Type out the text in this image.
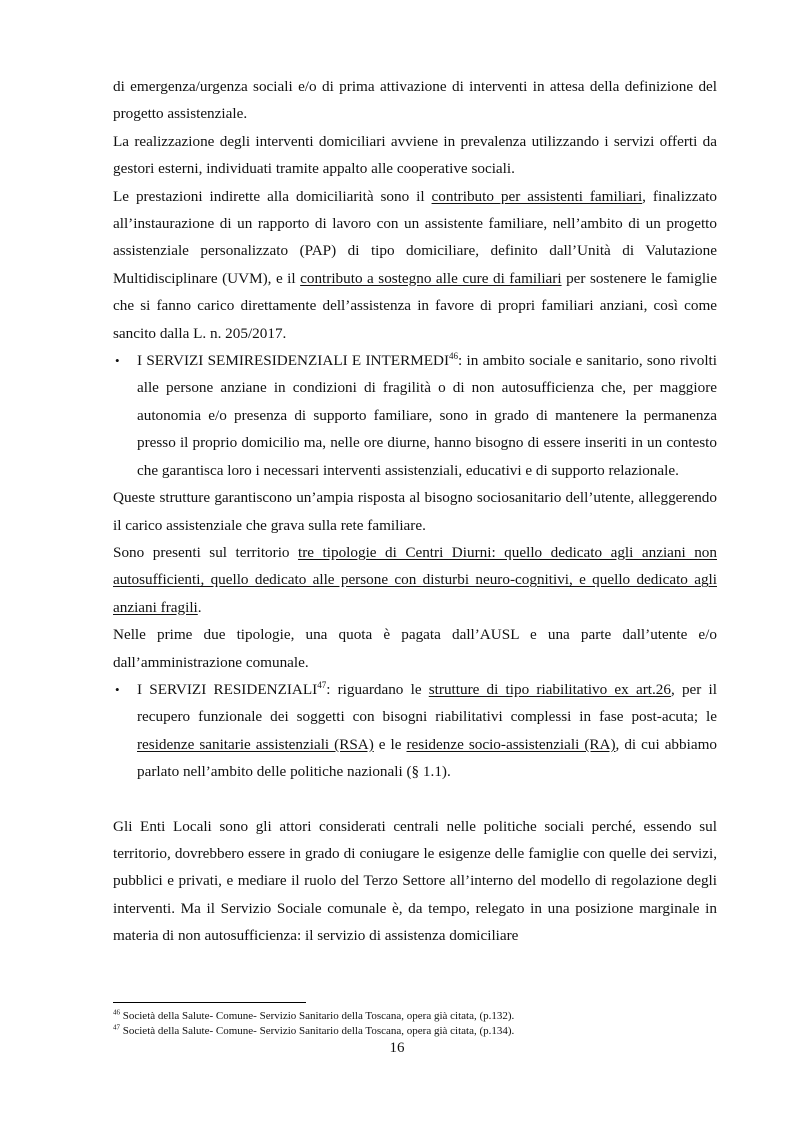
di emergenza/urgenza sociali e/o di prima attivazione di interventi in attesa della definizione del progetto assistenziale.

La realizzazione degli interventi domiciliari avviene in prevalenza utilizzando i servizi offerti da gestori esterni, individuati tramite appalto alle cooperative sociali.

Le prestazioni indirette alla domiciliarità sono il contributo per assistenti familiari, finalizzato all’instaurazione di un rapporto di lavoro con un assistente familiare, nell’ambito di un progetto assistenziale personalizzato (PAP) di tipo domiciliare, definito dall’Unità di Valutazione Multidisciplinare (UVM), e il contributo a sostegno alle cure di familiari per sostenere le famiglie che si fanno carico direttamente dell’assistenza in favore di propri familiari anziani, così come sancito dalla L. n. 205/2017.

• I SERVIZI SEMIRESIDENZIALI E INTERMEDI$^{46}$: in ambito sociale e sanitario, sono rivolti alle persone anziane in condizioni di fragilità o di non autosufficienza che, per maggiore autonomia e/o presenza di supporto familiare, sono in grado di mantenere la permanenza presso il proprio domicilio ma, nelle ore diurne, hanno bisogno di essere inseriti in un contesto che garantisca loro i necessari interventi assistenziali, educativi e di supporto relazionale.

Queste strutture garantiscono un’ampia risposta al bisogno sociosanitario dell’utente, alleggerendo il carico assistenziale che grava sulla rete familiare.

Sono presenti sul territorio tre tipologie di Centri Diurni: quello dedicato agli anziani non autosufficienti, quello dedicato alle persone con disturbi neuro-cognitivi, e quello dedicato agli anziani fragili.

Nelle prime due tipologie, una quota è pagata dall’AUSL e una parte dall’utente e/o dall’amministrazione comunale.

• I SERVIZI RESIDENZIALI$^{47}$: riguardano le strutture di tipo riabilitativo ex art.26, per il recupero funzionale dei soggetti con bisogni riabilitativi complessi in fase post-acuta; le residenze sanitarie assistenziali (RSA) e le residenze socio-assistenziali (RA), di cui abbiamo parlato nell’ambito delle politiche nazionali (§ 1.1).

Gli Enti Locali sono gli attori considerati centrali nelle politiche sociali perché, essendo sul territorio, dovrebbero essere in grado di coniugare le esigenze delle famiglie con quelle dei servizi, pubblici e privati, e mediare il ruolo del Terzo Settore all’interno del modello di regolazione degli interventi. Ma il Servizio Sociale comunale è, da tempo, relegato in una posizione marginale in materia di non autosufficienza: il servizio di assistenza domiciliare

$^{46}$ Società della Salute- Comune- Servizio Sanitario della Toscana, opera già citata, (p.132).
$^{47}$ Società della Salute- Comune- Servizio Sanitario della Toscana, opera già citata, (p.134).
16
